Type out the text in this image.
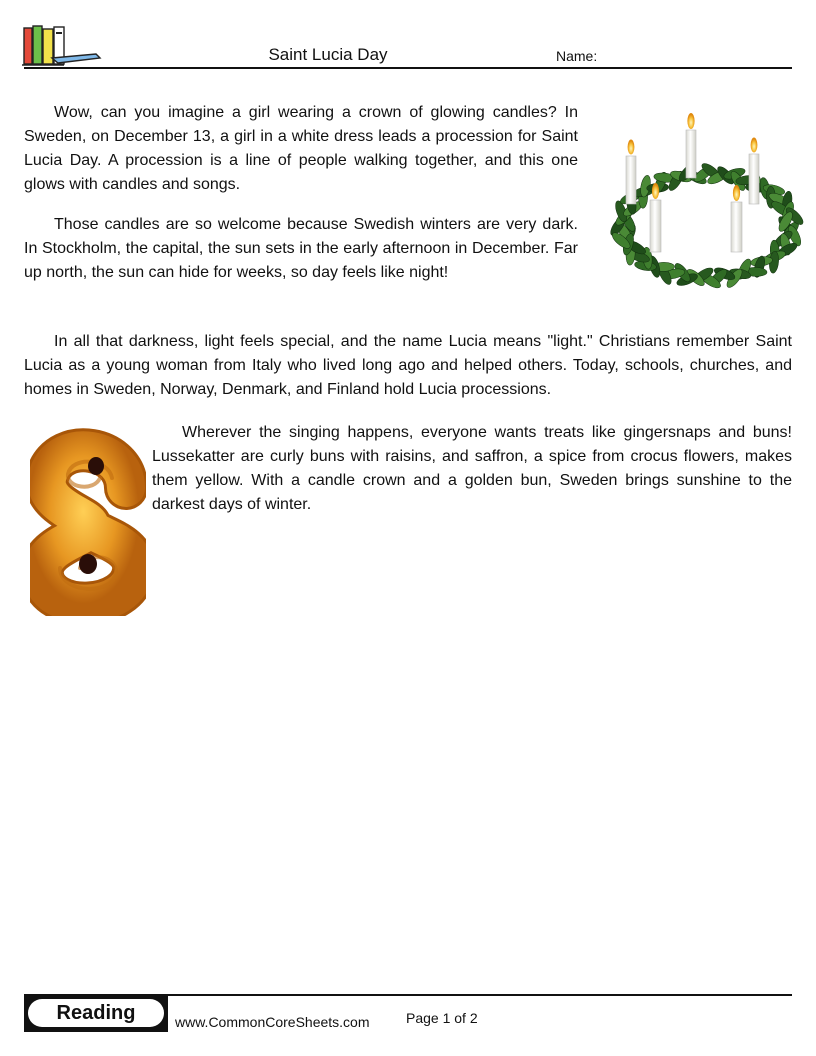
Saint Lucia Day	Name:

Wow, can you imagine a girl wearing a crown of glowing candles? In Sweden, on December 13, a girl in a white dress leads a procession for Saint Lucia Day. A procession is a line of people walking together, and this one glows with candles and songs.

Those candles are so welcome because Swedish winters are very dark. In Stockholm, the capital, the sun sets in the early afternoon in December. Far up north, the sun can hide for weeks, so day feels like night!

In all that darkness, light feels special, and the name Lucia means "light." Christians remember Saint Lucia as a young woman from Italy who lived long ago and helped others. Today, schools, churches, and homes in Sweden, Norway, Denmark, and Finland hold Lucia processions.

Wherever the singing happens, everyone wants treats like gingersnaps and buns! Lussekatter are curly buns with raisins, and saffron, a spice from crocus flowers, makes them yellow. With a candle crown and a golden bun, Sweden brings sunshine to the darkest days of winter.

Reading	www.CommonCoreSheets.com	Page 1 of 2
